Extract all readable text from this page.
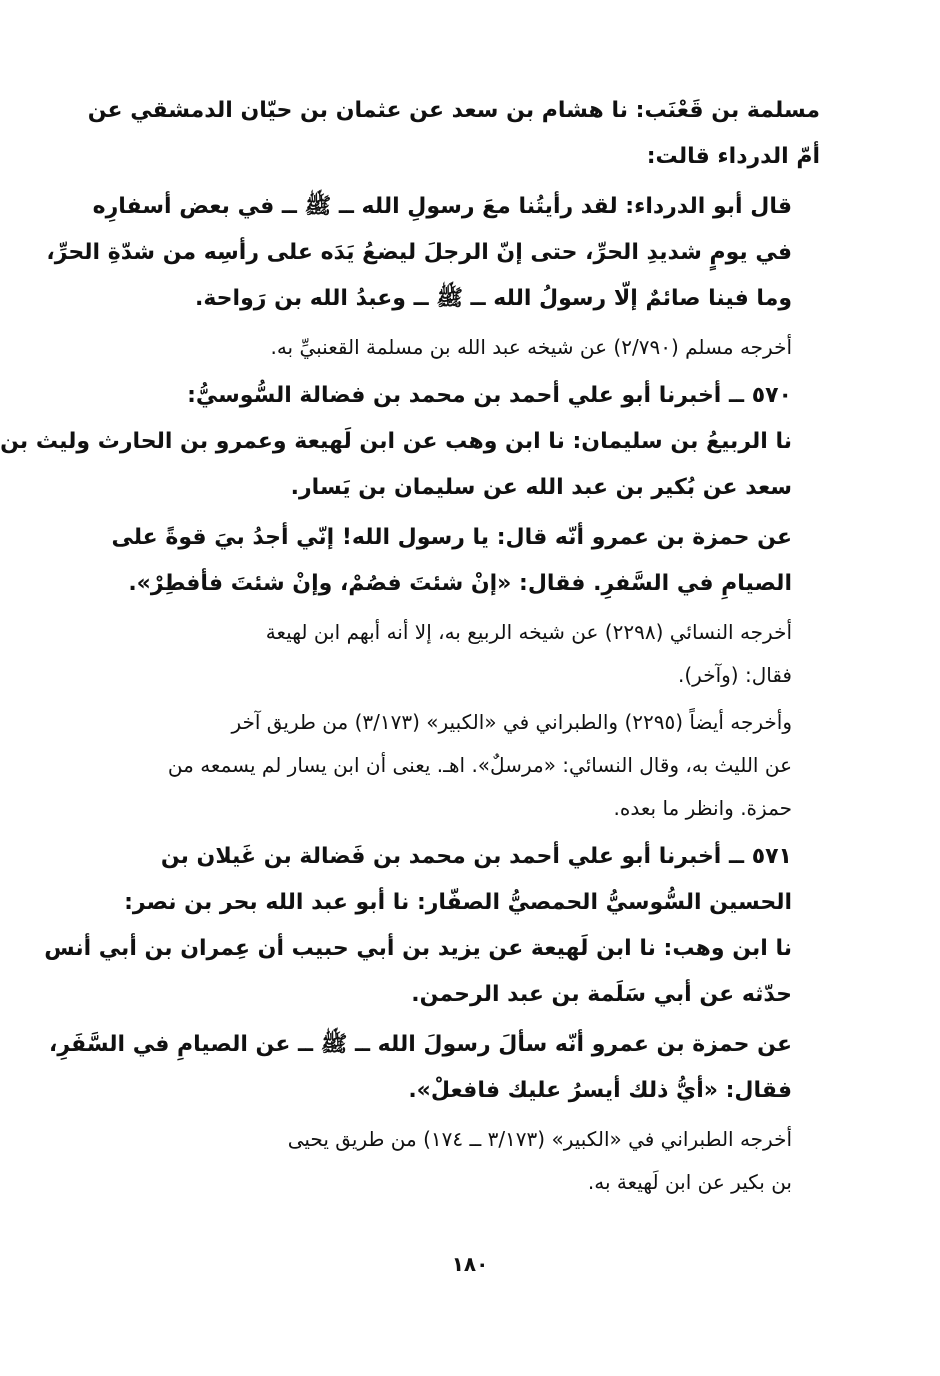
مسلمة بن قَعْنَب: نا هشام بن سعد عن عثمان بن حيّان الدمشقي عن
أمّ الدرداء قالت:
قال أبو الدرداء: لقد رأيتُنا معَ رسولِ الله ــ ﷺ ــ في بعض أسفارِه
في يومٍ شديدِ الحرِّ، حتى إنّ الرجلَ ليضعُ يَدَه على رأسِه من شدّةِ الحرِّ،
وما فينا صائمٌ إلّا رسولُ الله ــ ﷺ ــ وعبدُ الله بن رَواحة.
أخرجه مسلم (٢/٧٩٠) عن شيخه عبد الله بن مسلمة القعنبيِّ به.
٥٧٠ ــ أخبرنا أبو علي أحمد بن محمد بن فضالة السُّوسيُّ:
نا الربيعُ بن سليمان: نا ابن وهب عن ابن لَهيعة وعمرو بن الحارث وليث بن
سعد عن بُكير بن عبد الله عن سليمان بن يَسار.
عن حمزة بن عمرو أنّه قال: يا رسول الله! إنّي أجدُ بيَ قوةً على
الصيامِ في السَّفرِ. فقال: «إنْ شئتَ فصُمْ، وإنْ شئتَ فأفطِرْ».
أخرجه النسائي (٢٢٩٨) عن شيخه الربيع به، إلا أنه أبهم ابن لهيعة
فقال: (وآخر).
وأخرجه أيضاً (٢٢٩٥) والطبراني في «الكبير» (٣/١٧٣) من طريق آخر
عن الليث به، وقال النسائي: «مرسلٌ». اهـ. يعنى أن ابن يسار لم يسمعه من
حمزة. وانظر ما بعده.
٥٧١ ــ أخبرنا أبو علي أحمد بن محمد بن فَضالة بن غَيلان بن
الحسين السُّوسيُّ الحمصيُّ الصفّار: نا أبو عبد الله بحر بن نصر:
نا ابن وهب: نا ابن لَهيعة عن يزيد بن أبي حبيب أن عِمران بن أبي أنس
حدّثه عن أبي سَلَمة بن عبد الرحمن.
عن حمزة بن عمرو أنّه سألَ رسولَ الله ــ ﷺ ــ عن الصيامِ في السَّفَرِ،
فقال: «أيُّ ذلك أيسرُ عليك فافعلْ».
أخرجه الطبراني في «الكبير» (٣/١٧٣ ــ ١٧٤) من طريق يحيى
بن بكير عن ابن لَهيعة به.
١٨٠
